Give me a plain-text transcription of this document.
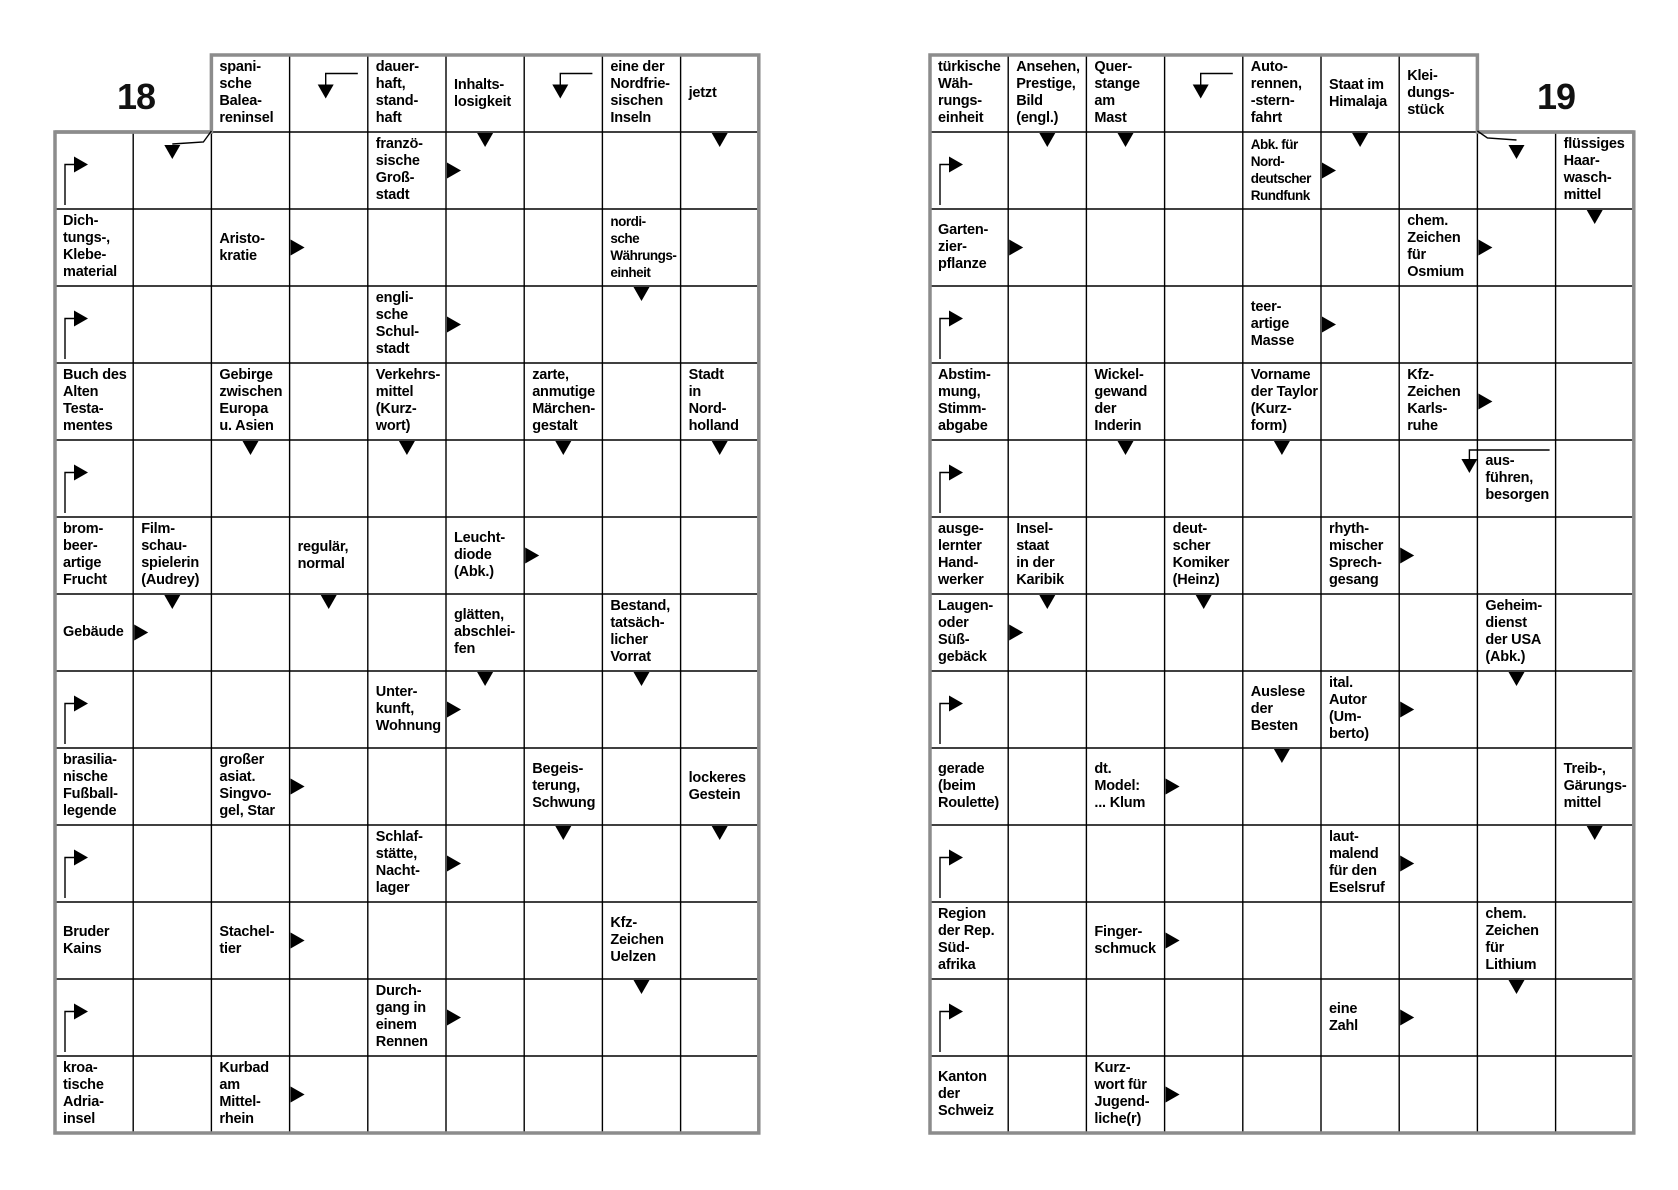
18
spani-
sche
Balea-
reninsel
dauer-
haft,
stand-
haft
Inhalts-
losigkeit
eine der
Nordfrie-
sischen
Inseln
jetzt
franzö-
sische
Groß-
stadt
Dich-
tungs-,
Klebe-
material
Aristo-
kratie
nordi-
sche
Währungs-
einheit
engli-
sche
Schul-
stadt
Buch des
Alten
Testa-
mentes
Gebirge
zwischen
Europa
u. Asien
Verkehrs-
mittel
(Kurz-
wort)
zarte,
anmutige
Märchen-
gestalt
Stadt
in
Nord-
holland
brom-
beer-
artige
Frucht
Film-
schau-
spielerin
(Audrey)
regulär,
normal
Leucht-
diode
(Abk.)
Gebäude
glätten,
abschlei-
fen
Bestand,
tatsäch-
licher
Vorrat
Unter-
kunft,
Wohnung
brasilia-
nische
Fußball-
legende
großer
asiat.
Singvo-
gel, Star
Begeis-
terung,
Schwung
lockeres
Gestein
Schlaf-
stätte,
Nacht-
lager
Bruder
Kains
Stachel-
tier
Kfz-
Zeichen
Uelzen
Durch-
gang in
einem
Rennen
kroa-
tische
Adria-
insel
Kurbad
am
Mittel-
rhein
19
türkische
Wäh-
rungs-
einheit
Ansehen,
Prestige,
Bild
(engl.)
Quer-
stange
am
Mast
Auto-
rennen,
-stern-
fahrt
Staat im
Himalaja
Klei-
dungs-
stück
Abk. für
Nord-
deutscher
Rundfunk
flüssiges
Haar-
wasch-
mittel
Garten-
zier-
pflanze
chem.
Zeichen
für
Osmium
teer-
artige
Masse
Abstim-
mung,
Stimm-
abgabe
Wickel-
gewand
der
Inderin
Vorname
der Taylor
(Kurz-
form)
Kfz-
Zeichen
Karls-
ruhe
aus-
führen,
besorgen
ausge-
lernter
Hand-
werker
Insel-
staat
in der
Karibik
deut-
scher
Komiker
(Heinz)
rhyth-
mischer
Sprech-
gesang
Laugen-
oder
Süß-
gebäck
Geheim-
dienst
der USA
(Abk.)
Auslese
der
Besten
ital.
Autor
(Um-
berto)
gerade
(beim
Roulette)
dt.
Model:
... Klum
Treib-,
Gärungs-
mittel
laut-
malend
für den
Eselsruf
Region
der Rep.
Süd-
afrika
Finger-
schmuck
chem.
Zeichen
für
Lithium
eine
Zahl
Kanton
der
Schweiz
Kurz-
wort für
Jugend-
liche(r)
